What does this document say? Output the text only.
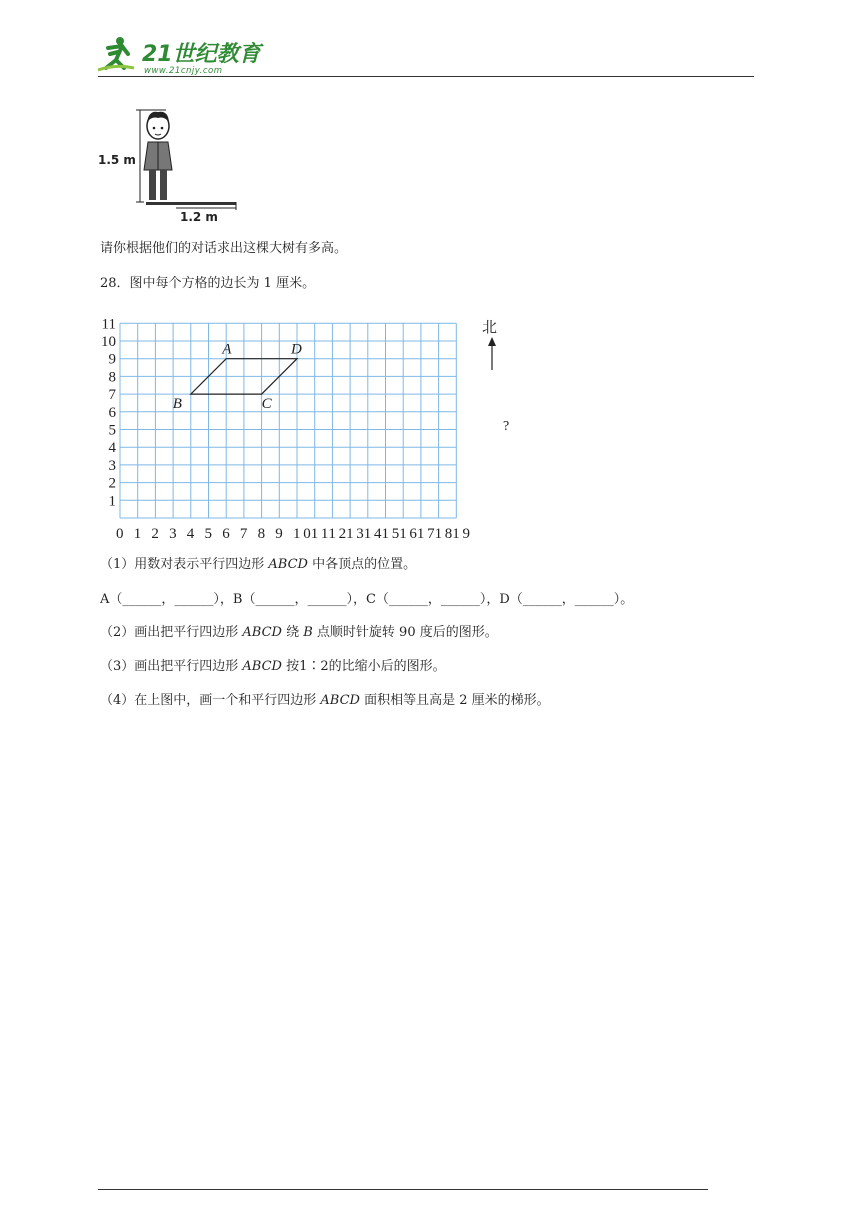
21世纪教育
www.21cnjy.com
1.5 m
1.2 m
请你根据他们的对话求出这棵大树有多高。
28．图中每个方格的边长为 1 厘米。
0 1 2 3 4 5 6 7 8 9 10 11 12 13 14 15 16 17 18 19
1
2
3
4
5
6
7
8
9
10
11
A	D
C
B
北
?
（1）用数对表示平行四边形 ABCD 中各顶点的位置。
A（______，______），B（______，______），C（______，______），D（______，______）。
（2）画出把平行四边形 ABCD 绕 B 点顺时针旋转 90 度后的图形。
（3）画出把平行四边形 ABCD 按1∶2的比缩小后的图形。
（4）在上图中，画一个和平行四边形 ABCD 面积相等且高是 2 厘米的梯形。
